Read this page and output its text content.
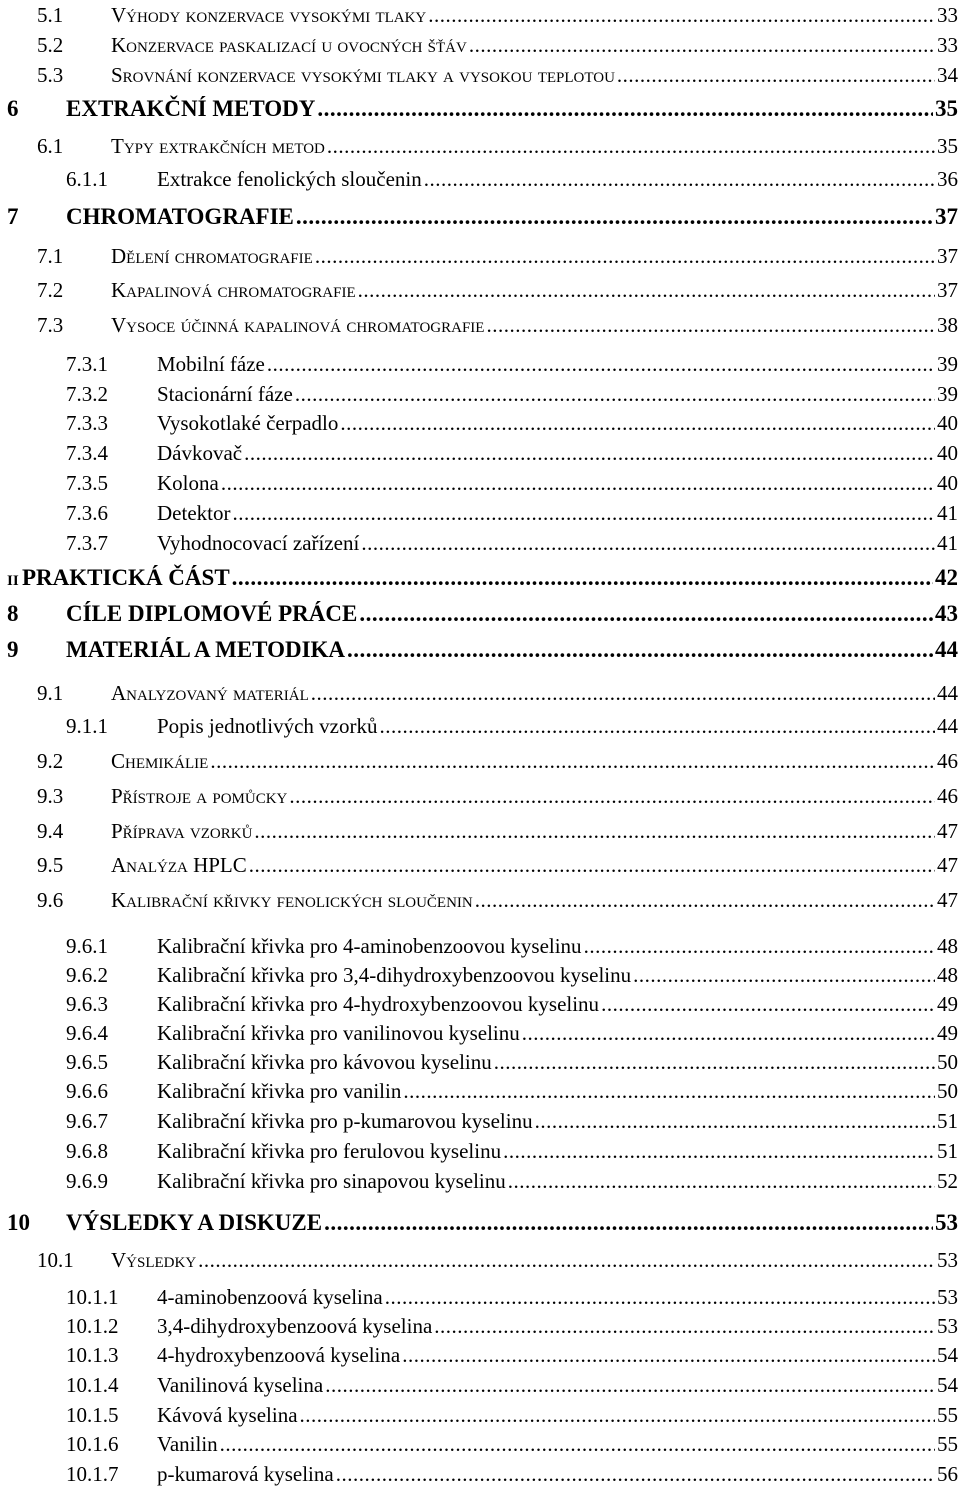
5.1	Výhody konzervace vysokými tlaky .....	33
5.2	Konzervace paskalizací u ovocných šťáv .....	33
5.3	Srovnání konzervace vysokými tlaky a vysokou teplotou .....	34
6	EXTRAKČNÍ METODY .....	35
6.1	Typy extrakčních metod .....	35
6.1.1	Extrakce fenolických sloučenin .....	36
7	CHROMATOGRAFIE .....	37
7.1	Dělení chromatografie .....	37
7.2	Kapalinová chromatografie .....	37
7.3	Vysoce účinná kapalinová chromatografie .....	38
7.3.1	Mobilní fáze .....	39
7.3.2	Stacionární fáze .....	39
7.3.3	Vysokotlaké čerpadlo .....	40
7.3.4	Dávkovač .....	40
7.3.5	Kolona .....	40
7.3.6	Detektor .....	41
7.3.7	Vyhodnocovací zařízení .....	41
II PRAKTICKÁ ČÁST .....	42
8	CÍLE DIPLOMOVÉ PRÁCE .....	43
9	MATERIÁL A METODIKA .....	44
9.1	Analyzovaný materiál .....	44
9.1.1	Popis jednotlivých vzorků .....	44
9.2	Chemikálie .....	46
9.3	Přístroje a pomůcky .....	46
9.4	Příprava vzorků .....	47
9.5	Analýza HPLC .....	47
9.6	Kalibrační křivky fenolických sloučenin .....	47
9.6.1	Kalibrační křivka pro 4-aminobenzoovou kyselinu .....	48
9.6.2	Kalibrační křivka pro 3,4-dihydroxybenzoovou kyselinu .....	48
9.6.3	Kalibrační křivka pro 4-hydroxybenzoovou kyselinu .....	49
9.6.4	Kalibrační křivka pro vanilinovou kyselinu .....	49
9.6.5	Kalibrační křivka pro kávovou kyselinu .....	50
9.6.6	Kalibrační křivka pro vanilin .....	50
9.6.7	Kalibrační křivka pro p-kumarovou kyselinu .....	51
9.6.8	Kalibrační křivka pro ferulovou kyselinu .....	51
9.6.9	Kalibrační křivka pro sinapovou kyselinu .....	52
10	VÝSLEDKY A DISKUZE .....	53
10.1	Výsledky .....	53
10.1.1	4-aminobenzoová kyselina .....	53
10.1.2	3,4-dihydroxybenzoová kyselina .....	53
10.1.3	4-hydroxybenzoová kyselina .....	54
10.1.4	Vanilinová kyselina .....	54
10.1.5	Kávová kyselina .....	55
10.1.6	Vanilin .....	55
10.1.7	p-kumarová kyselina .....	56
